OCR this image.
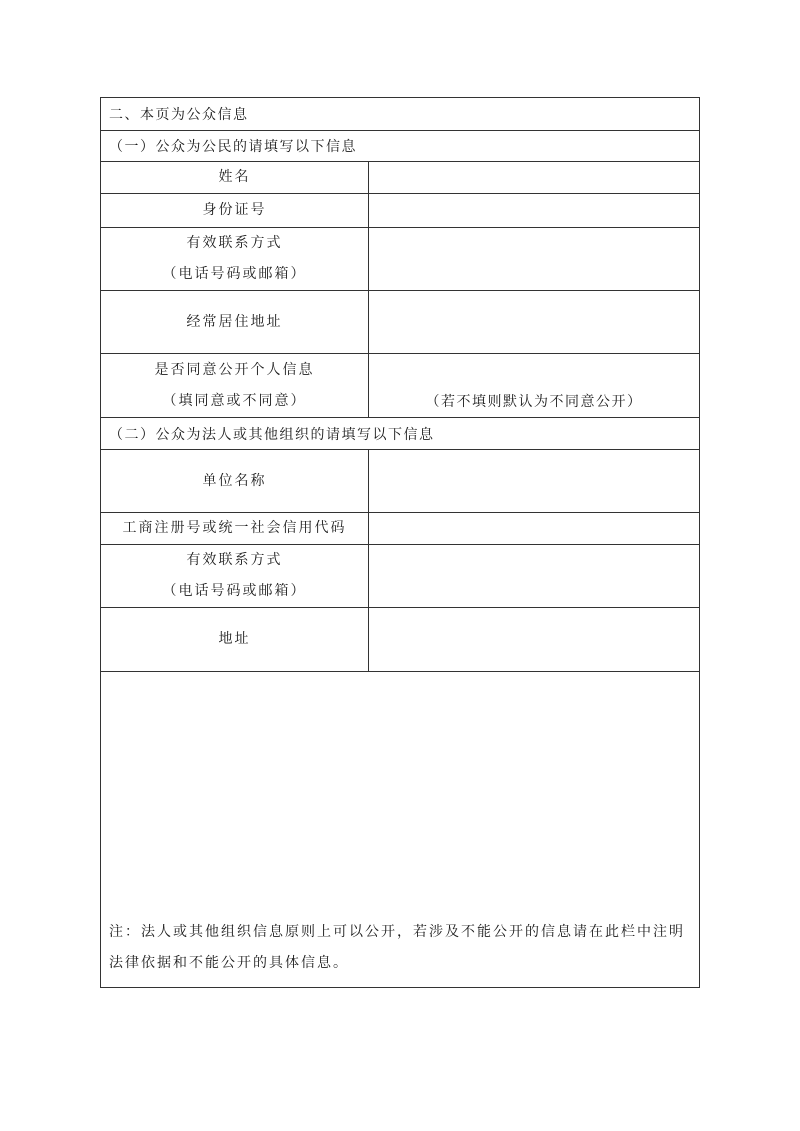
二、本页为公众信息
（一）公众为公民的请填写以下信息
姓名
身份证号
有效联系方式
（电话号码或邮箱）
经常居住地址
是否同意公开个人信息
（填同意或不同意）	（若不填则默认为不同意公开）
（二）公众为法人或其他组织的请填写以下信息
单位名称
工商注册号或统一社会信用代码
有效联系方式
（电话号码或邮箱）
地址
注：法人或其他组织信息原则上可以公开，若涉及不能公开的信息请在此栏中注明法律依据和不能公开的具体信息。
